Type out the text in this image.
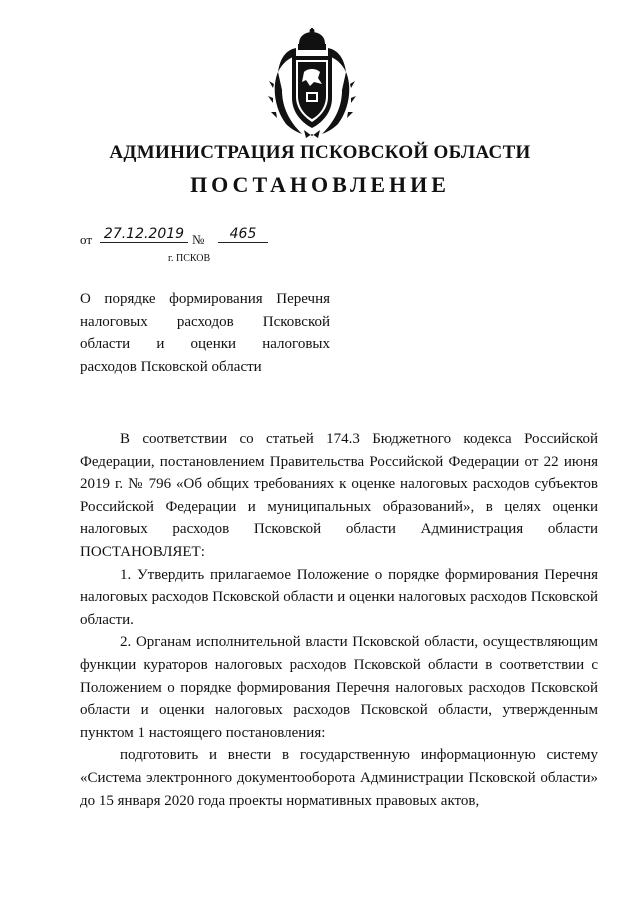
АДМИНИСТРАЦИЯ ПСКОВСКОЙ ОБЛАСТИ
ПОСТАНОВЛЕНИЕ
от 27.12.2019 №	465
г. ПСКОВ
О порядке формирования Перечня
налоговых расходов Псковской
области и оценки налоговых
расходов Псковской области

В соответствии со статьей 174.3 Бюджетного кодекса Российской Федерации, постановлением Правительства Российской Федерации от 22 июня 2019 г. № 796 «Об общих требованиях к оценке налоговых расходов субъектов Российской Федерации и муниципальных образований», в целях оценки налоговых расходов Псковской области Администрация области ПОСТАНОВЛЯЕТ:

1. Утвердить прилагаемое Положение о порядке формирования Перечня налоговых расходов Псковской области и оценки налоговых расходов Псковской области.

2. Органам исполнительной власти Псковской области, осуществляющим функции кураторов налоговых расходов Псковской области в соответствии с Положением о порядке формирования Перечня налоговых расходов Псковской области и оценки налоговых расходов Псковской области, утвержденным пунктом 1 настоящего постановления:

подготовить и внести в государственную информационную систему «Система электронного документооборота Администрации Псковской области» до 15 января 2020 года проекты нормативных правовых актов,
